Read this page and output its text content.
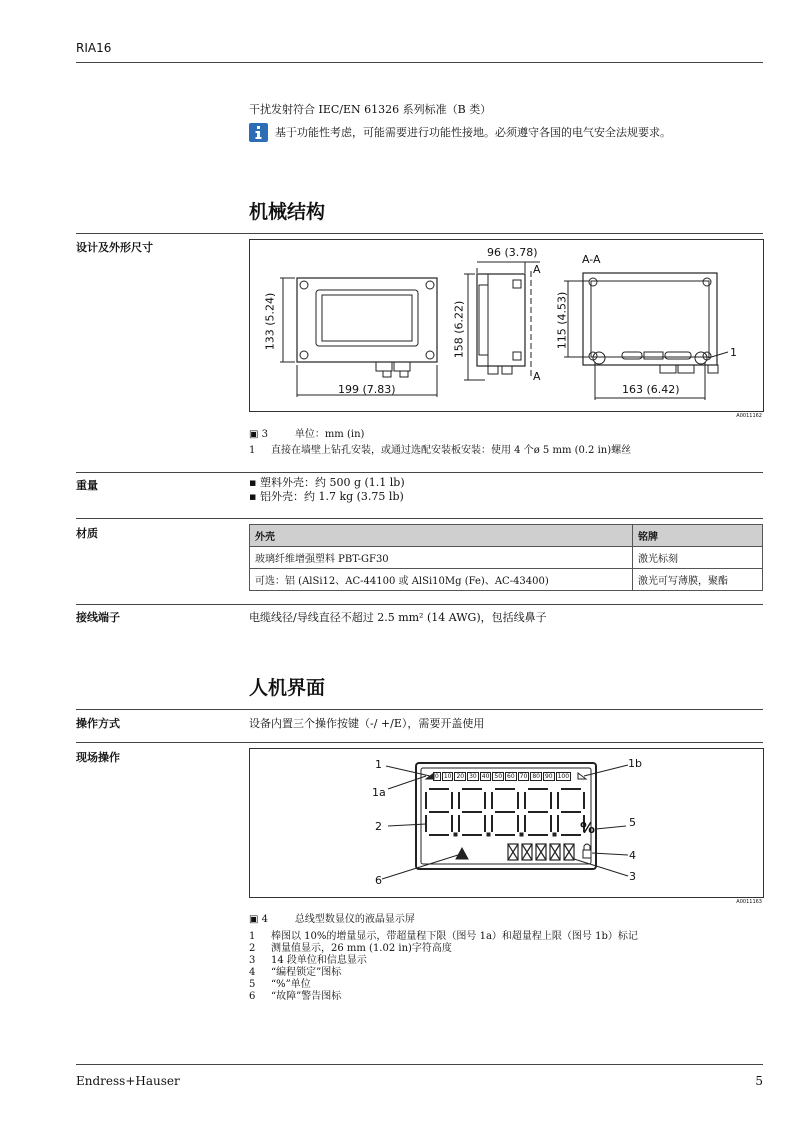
RIA16
干扰发射符合 IEC/EN 61326 系列标准（B 类）
基于功能性考虑，可能需要进行功能性接地。必须遵守各国的电气安全法规要求。
机械结构
设计及外形尺寸
199 (7.83)
133 (5.24)
96 (3.78)
158 (6.22)	115 (4.53)
163 (6.42)
A-A
A
A
1
A0011162
▣ 3	单位：mm (in)
1 直接在墙壁上钻孔安装，或通过选配安装板安装：使用 4 个ø 5 mm (0.2 in)螺丝
重量	▪ 塑料外壳：约 500 g (1.1 lb)
▪ 铝外壳：约 1.7 kg (3.75 lb)
材质	外壳	铭牌
玻璃纤维增强塑料 PBT-GF30	激光标刻
可选：铝 (AlSi12、AC-44100 或 AlSi10Mg (Fe)、AC-43400)	激光可写薄膜，聚酯
接线端子	电缆线径/导线直径不超过 2.5 mm² (14 AWG)，包括线鼻子
人机界面
操作方式	设备内置三个操作按键（-/ +/E），需要开盖使用
现场操作
0 10 20 30 40 50 60 70 80 90 100
%
1
1a
2
6
1b
5
4
3
A0011163
▣ 4	总线型数显仪的液晶显示屏
1 棒图以 10%的增量显示，带超量程下限（图号 1a）和超量程上限（图号 1b）标记
2 测量值显示，26 mm (1.02 in)字符高度
3 14 段单位和信息显示
4 “编程锁定”图标
5 “%”单位
6 “故障”警告图标
Endress+Hauser	5
